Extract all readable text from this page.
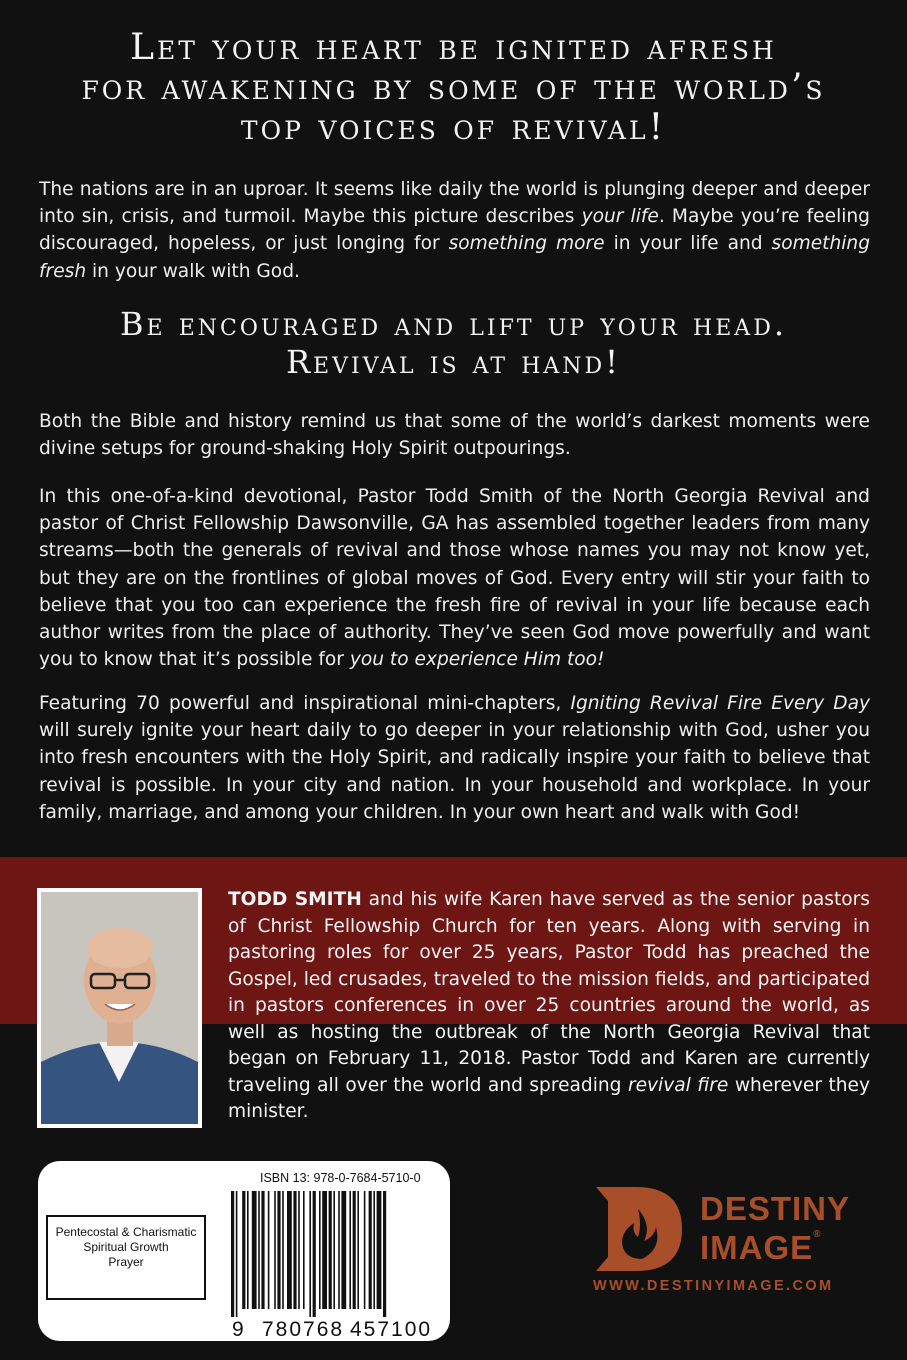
Let your heart be ignited afresh
for awakening by some of the world’s
top voices of revival!
The nations are in an uproar. It seems like daily the world is plunging deeper and deeper into sin, crisis, and turmoil. Maybe this picture describes your life. Maybe you’re feeling discouraged, hopeless, or just longing for something more in your life and something fresh in your walk with God.
Be encouraged and lift up your head.
Revival is at hand!
Both the Bible and history remind us that some of the world’s darkest moments were divine setups for ground-shaking Holy Spirit outpourings.
In this one-of-a-kind devotional, Pastor Todd Smith of the North Georgia Revival and pastor of Christ Fellowship Dawsonville, GA has assembled together leaders from many streams—both the generals of revival and those whose names you may not know yet, but they are on the frontlines of global moves of God. Every entry will stir your faith to believe that you too can experience the fresh fire of revival in your life because each author writes from the place of authority. They’ve seen God move powerfully and want you to know that it’s possible for you to experience Him too!
Featuring 70 powerful and inspirational mini-chapters, Igniting Revival Fire Every Day will surely ignite your heart daily to go deeper in your relationship with God, usher you into fresh encounters with the Holy Spirit, and radically inspire your faith to believe that revival is possible. In your city and nation. In your household and workplace. In your family, marriage, and among your children. In your own heart and walk with God!
TODD SMITH and his wife Karen have served as the senior pastors of Christ Fellowship Church for ten years. Along with serving in pastoring roles for over 25 years, Pastor Todd has preached the Gospel, led crusades, traveled to the mission fields, and participated in pastors conferences in over 25 countries around the world, as well as hosting the outbreak of the North Georgia Revival that began on February 11, 2018. Pastor Todd and Karen are currently traveling all over the world and spreading revival fire wherever they minister.
Pentecostal & Charismatic
Spiritual Growth
Prayer
ISBN 13: 978-0-7684-5710-0
9 780768 457100
DESTINY
IMAGE®
WWW.DESTINYIMAGE.COM
